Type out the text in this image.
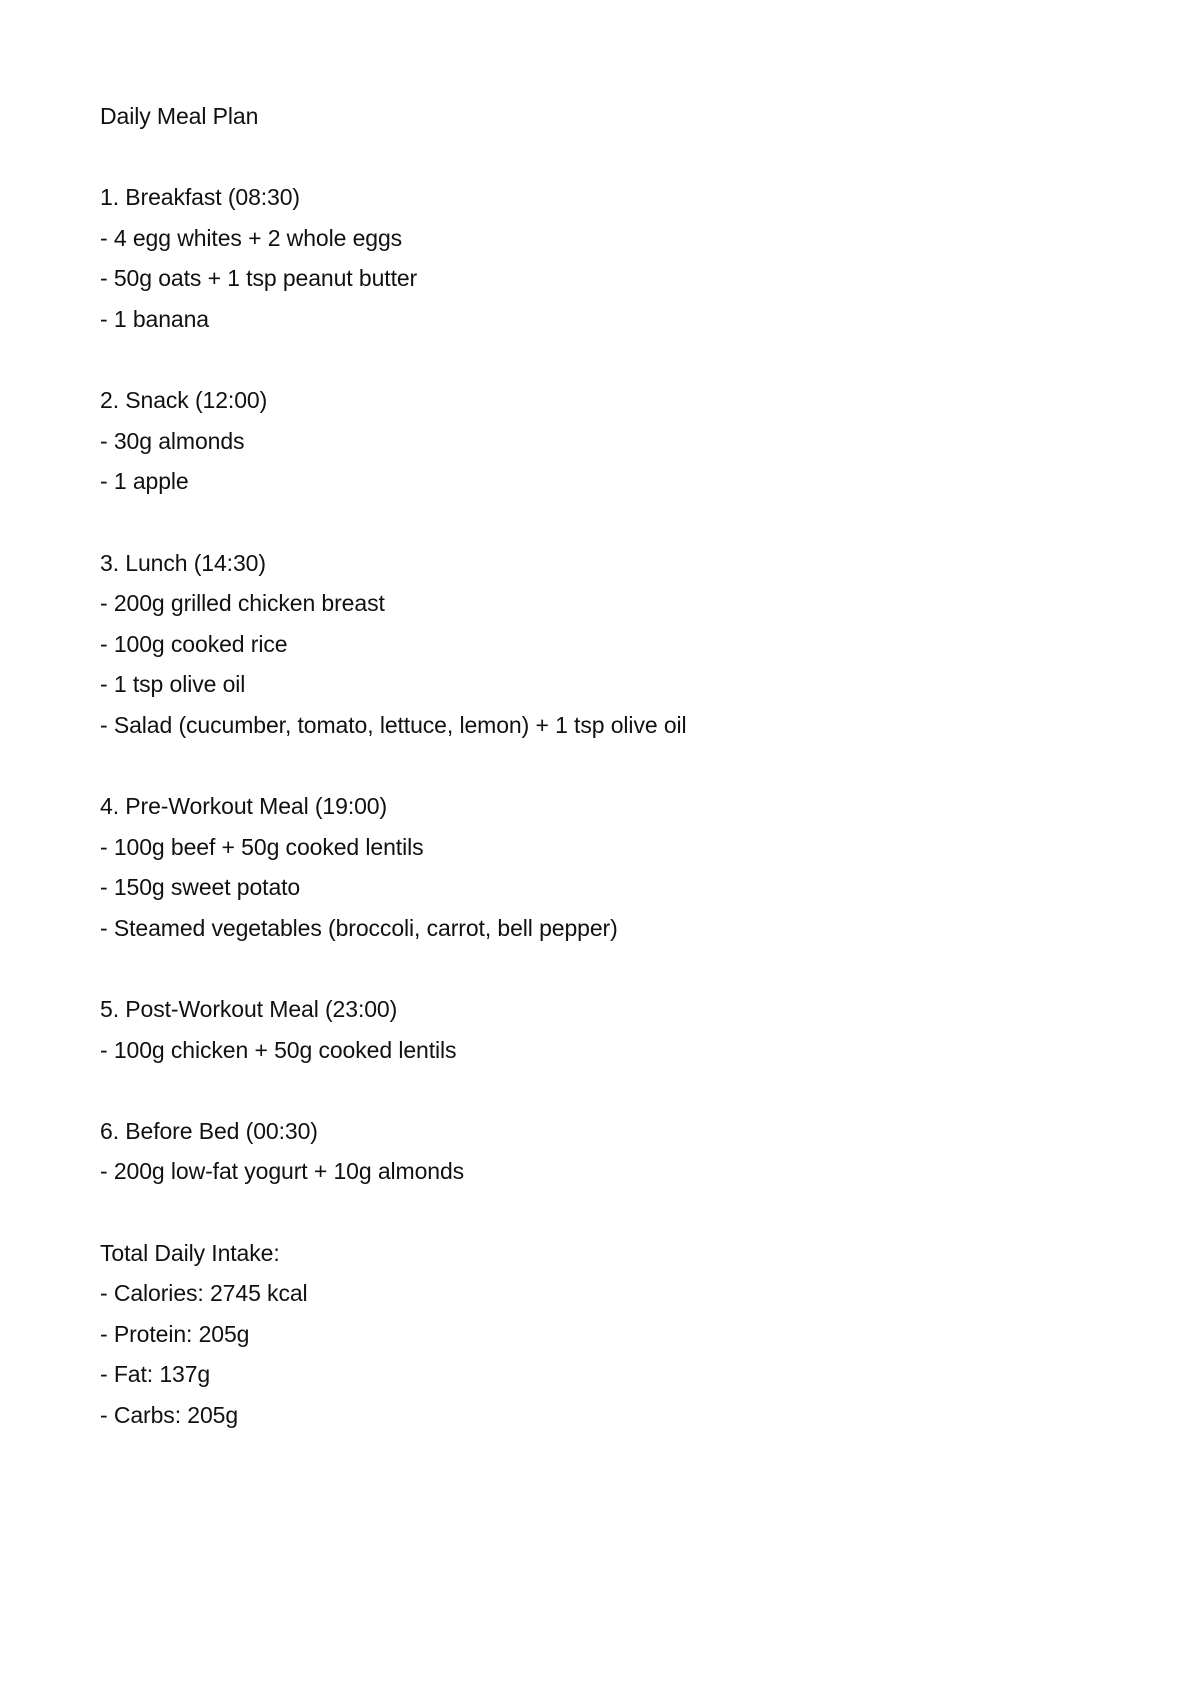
Daily Meal Plan
1. Breakfast (08:30)
- 4 egg whites + 2 whole eggs
- 50g oats + 1 tsp peanut butter
- 1 banana
2. Snack (12:00)
- 30g almonds
- 1 apple
3. Lunch (14:30)
- 200g grilled chicken breast
- 100g cooked rice
- 1 tsp olive oil
- Salad (cucumber, tomato, lettuce, lemon) + 1 tsp olive oil
4. Pre-Workout Meal (19:00)
- 100g beef + 50g cooked lentils
- 150g sweet potato
- Steamed vegetables (broccoli, carrot, bell pepper)
5. Post-Workout Meal (23:00)
- 100g chicken + 50g cooked lentils
6. Before Bed (00:30)
- 200g low-fat yogurt + 10g almonds
Total Daily Intake:
- Calories: 2745 kcal
- Protein: 205g
- Fat: 137g
- Carbs: 205g
